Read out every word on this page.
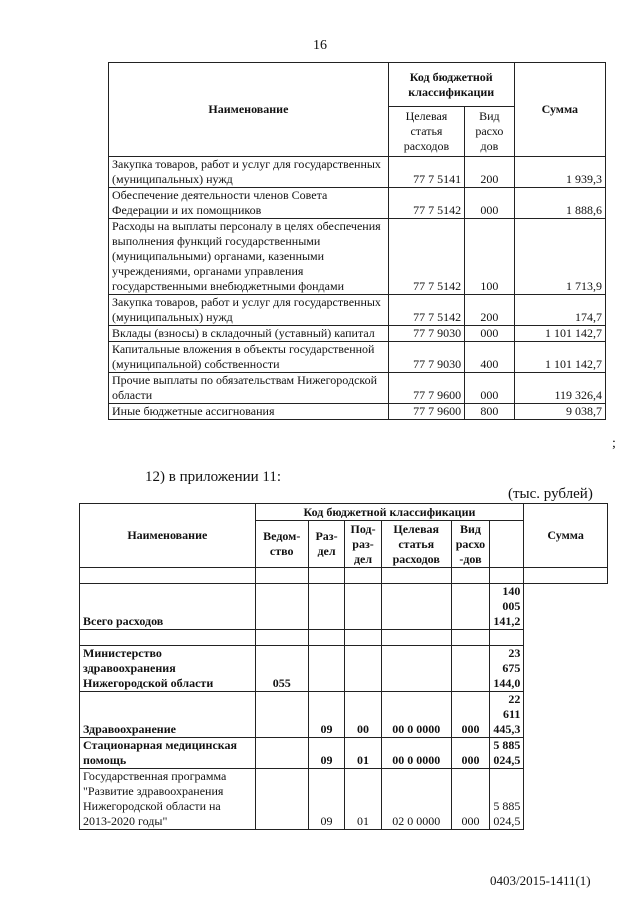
16
Наименование	Код бюджетной классификации		Сумма
	Целевая статья расходов	Вид расхо дов	
Закупка товаров, работ и услуг для государственных (муниципальных) нужд	77 7 5141	200	1 939,3
Обеспечение деятельности членов Совета Федерации и их помощников	77 7 5142	000	1 888,6
Расходы на выплаты персоналу в целях обеспечения выполнения функций государственными (муниципальными) органами, казенными учреждениями, органами управления государственными внебюджетными фондами	77 7 5142	100	1 713,9
Закупка товаров, работ и услуг для государственных (муниципальных) нужд	77 7 5142	200	174,7
Вклады (взносы) в складочный (уставный) капитал	77 7 9030	000	1 101 142,7
Капитальные вложения в объекты государственной (муниципальной) собственности	77 7 9030	400	1 101 142,7
Прочие выплаты по обязательствам Нижегородской области	77 7 9600	000	119 326,4
Иные бюджетные ассигнования	77 7 9600	800	9 038,7
;
12) в приложении 11:
(тыс. рублей)
Наименование	Код бюджетной классификации						Сумма
	Ведом- ство	Раз- дел	Под- раз- дел	Целевая статья расходов	Вид расхо -дов	

Всего расходов						140 005 141,2	

Министерство здравоохранения Нижегородской области	055					23 675 144,0	
Здравоохранение		09	00	00 0 0000	000	22 611 445,3	
Стационарная медицинская помощь		09	01	00 0 0000	000	5 885 024,5	
Государственная программа "Развитие здравоохранения Нижегородской области на 2013-2020 годы"		09	01	02 0 0000	000	5 885 024,5	
0403/2015-1411(1)
